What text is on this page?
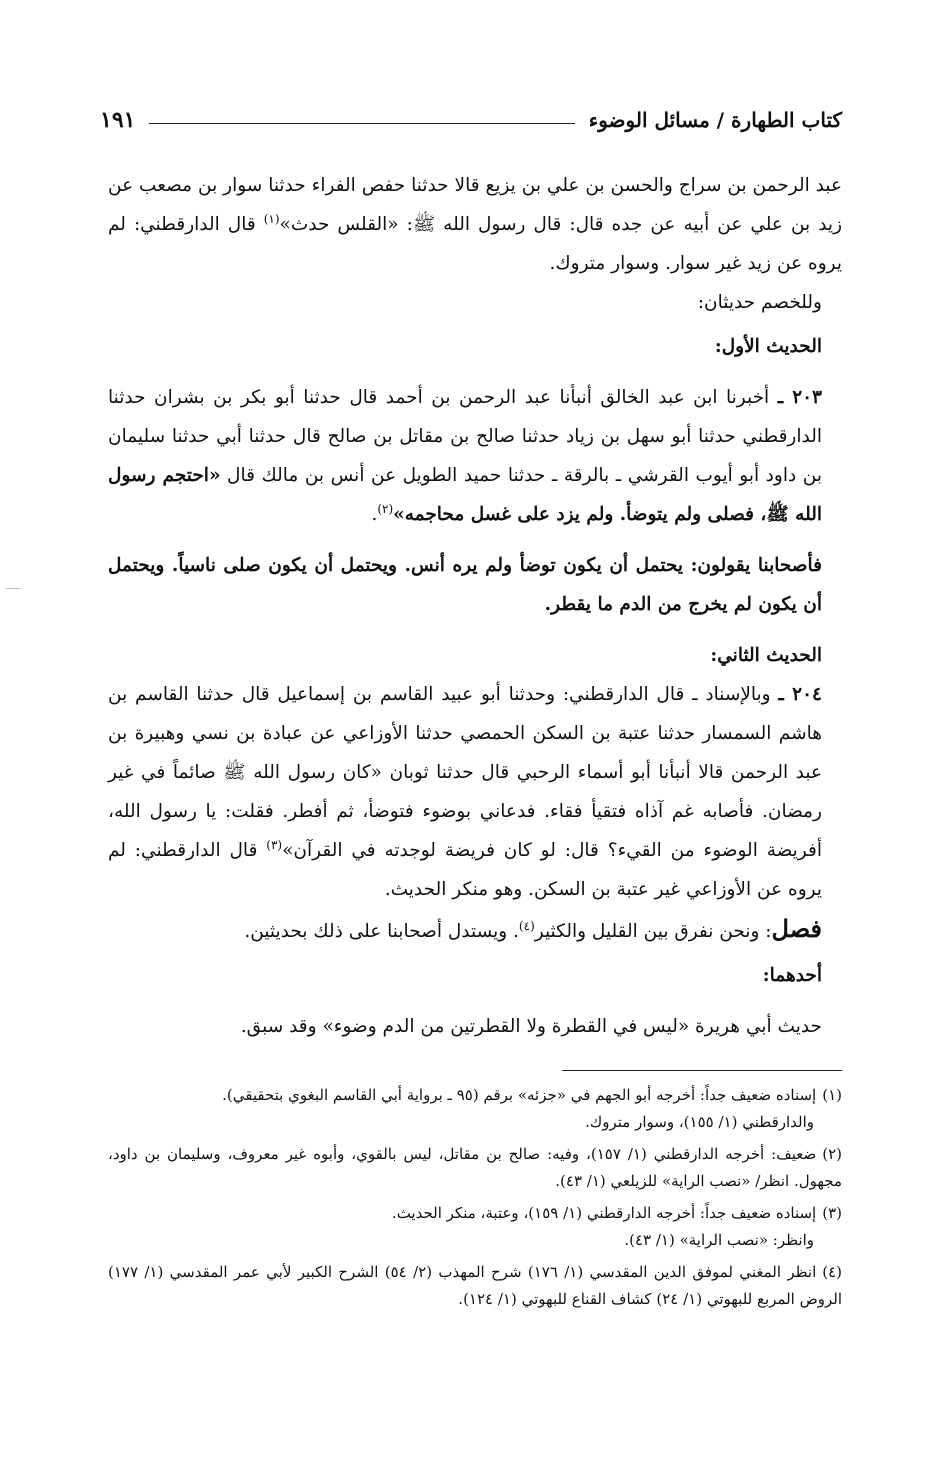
كتاب الطهارة / مسائل الوضوء
١٩١

عبد الرحمن بن سراج والحسن بن علي بن يزيع قالا حدثنا حفص الفراء حدثنا سوار بن مصعب عن زيد بن علي عن أبيه عن جده قال: قال رسول الله ﷺ: «القلس حدث»$^{(١)}$ قال الدارقطني: لم يروه عن زيد غير سوار. وسوار متروك.

وللخصم حديثان:

الحديث الأول:

٢٠٣ ـ أخبرنا ابن عبد الخالق أنبأنا عبد الرحمن بن أحمد قال حدثنا أبو بكر بن بشران حدثنا الدارقطني حدثنا أبو سهل بن زياد حدثنا صالح بن مقاتل بن صالح قال حدثنا أبي حدثنا سليمان بن داود أبو أيوب القرشي ـ بالرقة ـ حدثنا حميد الطويل عن أنس بن مالك قال «احتجم رسول الله ﷺ، فصلى ولم يتوضأ. ولم يزد على غسل محاجمه»$^{(٢)}$.

فأصحابنا يقولون: يحتمل أن يكون توضأ ولم يره أنس. ويحتمل أن يكون صلى ناسياً. ويحتمل أن يكون لم يخرج من الدم ما يقطر.

الحديث الثاني:

٢٠٤ ـ وبالإسناد ـ قال الدارقطني: وحدثنا أبو عبيد القاسم بن إسماعيل قال حدثنا القاسم بن هاشم السمسار حدثنا عتبة بن السكن الحمصي حدثنا الأوزاعي عن عبادة بن نسي وهبيرة بن عبد الرحمن قالا أنبأنا أبو أسماء الرحبي قال حدثنا ثوبان «كان رسول الله ﷺ صائماً في غير رمضان. فأصابه غم آذاه فتقيأ فقاء. فدعاني بوضوء فتوضأ، ثم أفطر. فقلت: يا رسول الله، أفريضة الوضوء من القيء؟ قال: لو كان فريضة لوجدته في القرآن»$^{(٣)}$ قال الدارقطني: لم يروه عن الأوزاعي غير عتبة بن السكن. وهو منكر الحديث.

فصل: ونحن نفرق بين القليل والكثير$^{(٤)}$. ويستدل أصحابنا على ذلك بحديثين.

أحدهما:

حديث أبي هريرة «ليس في القطرة ولا القطرتين من الدم وضوء» وقد سبق.

(١)إسناده ضعيف جداً: أخرجه أبو الجهم في «جزئه» برقم (٩٥ ـ برواية أبي القاسم البغوي بتحقيقي).

والدارقطني (١/ ١٥٥)، وسوار متروك.

(٢)ضعيف: أخرجه الدارقطني (١/ ١٥٧)، وفيه: صالح بن مقاتل، ليس بالقوي، وأبوه غير معروف، وسليمان بن داود، مجهول. انظر/ «نصب الراية» للزيلعي (١/ ٤٣).

(٣)إسناده ضعيف جداً: أخرجه الدارقطني (١/ ١٥٩)، وعتبة، منكر الحديث.

وانظر: «نصب الراية» (١/ ٤٣).

(٤)انظر المغني لموفق الدين المقدسي (١/ ١٧٦) شرح المهذب (٢/ ٥٤) الشرح الكبير لأبي عمر المقدسي (١/ ١٧٧) الروض المربع للبهوتي (١/ ٢٤) كشاف القناع للبهوتي (١/ ١٢٤).
